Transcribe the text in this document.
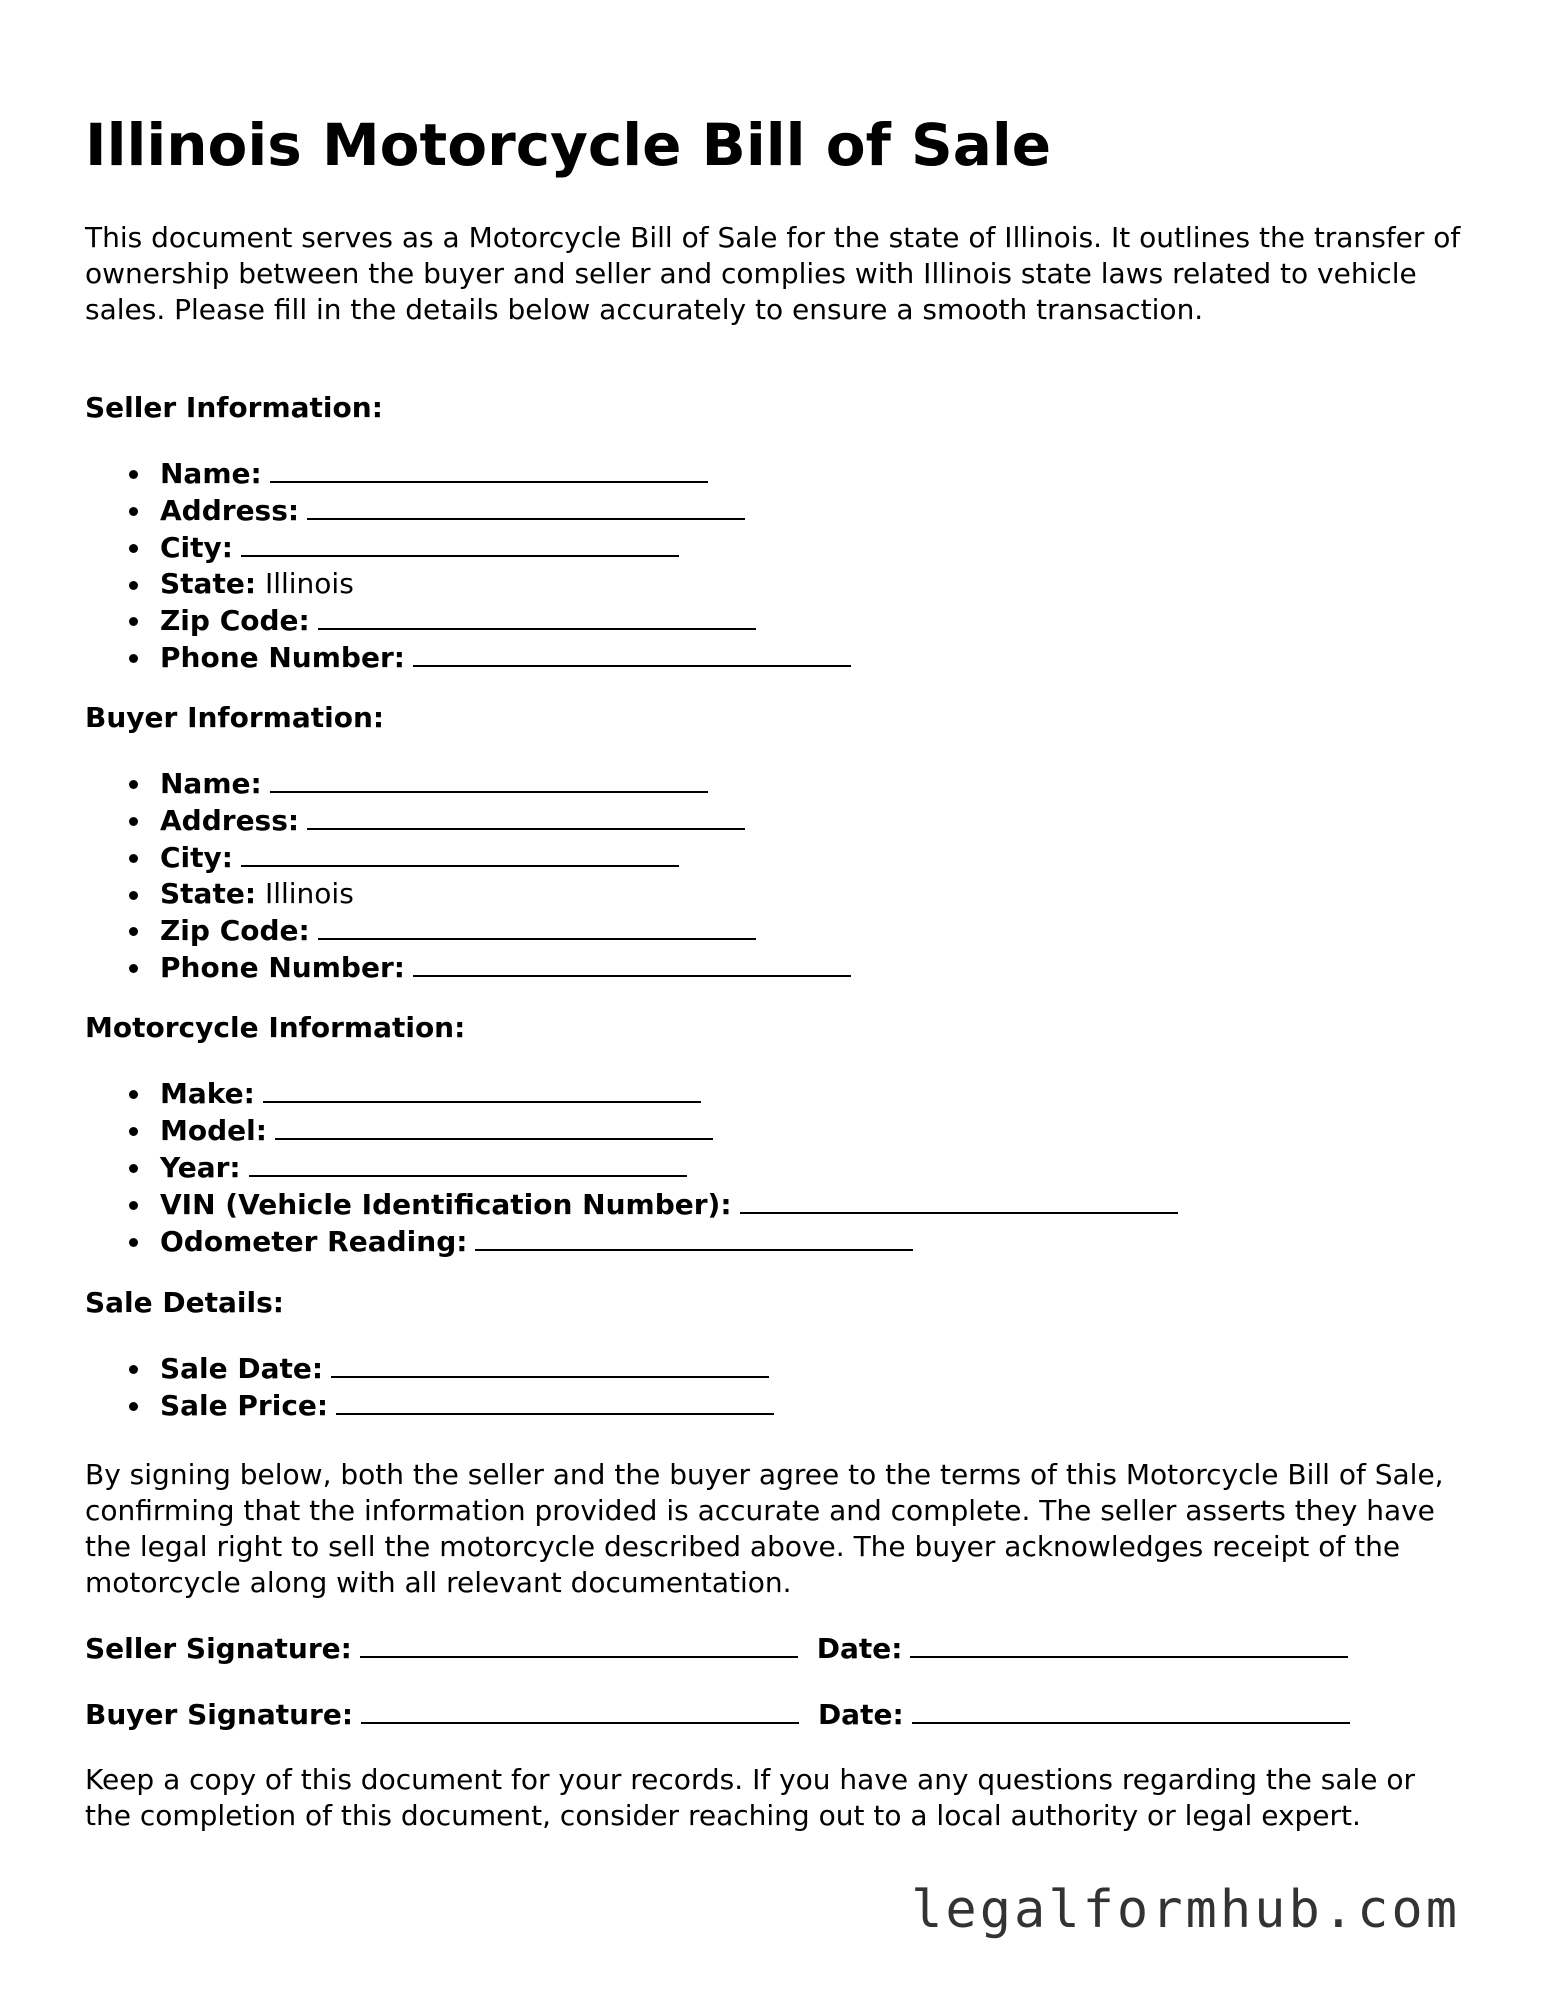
Illinois Motorcycle Bill of Sale

This document serves as a Motorcycle Bill of Sale for the state of Illinois. It outlines the transfer of ownership between the buyer and seller and complies with Illinois state laws related to vehicle sales. Please fill in the details below accurately to ensure a smooth transaction.

Seller Information:
Name:
Address:
City:
State: Illinois
Zip Code:
Phone Number:
Buyer Information:
Name:
Address:
City:
State: Illinois
Zip Code:
Phone Number:
Motorcycle Information:
Make:
Model:
Year:
VIN (Vehicle Identification Number):
Odometer Reading:
Sale Details:
Sale Date:
Sale Price:

By signing below, both the seller and the buyer agree to the terms of this Motorcycle Bill of Sale, confirming that the information provided is accurate and complete. The seller asserts they have the legal right to sell the motorcycle described above. The buyer acknowledges receipt of the motorcycle along with all relevant documentation.

Seller Signature:	Date:
Buyer Signature:	Date:

Keep a copy of this document for your records. If you have any questions regarding the sale or the completion of this document, consider reaching out to a local authority or legal expert.

legalformhub.com
